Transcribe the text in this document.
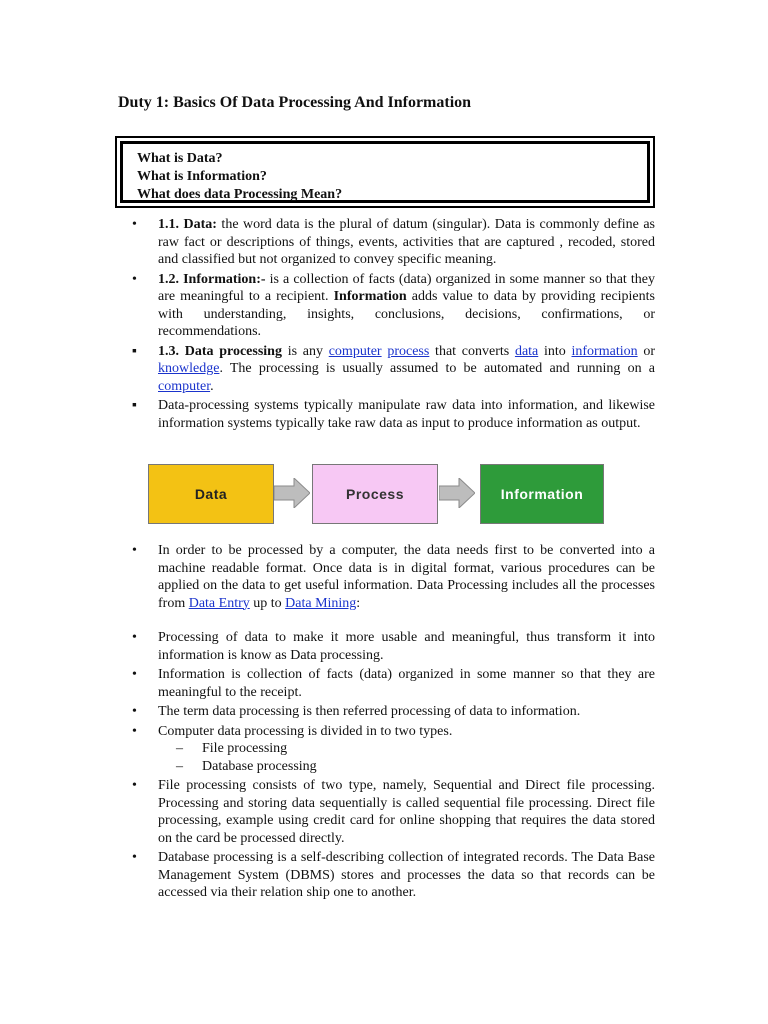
Duty 1: Basics Of Data Processing And Information
What is Data?
What is Information?
What does data Processing Mean?
•
1.1. Data: the word data is the plural of datum (singular). Data is commonly define as raw fact or descriptions of things, events, activities that are captured , recoded, stored and classified but not organized to convey specific meaning.
•
1.2. Information:- is a collection of facts (data) organized in some manner so that they are meaningful to a recipient. Information adds value to data by providing recipients with understanding, insights, conclusions, decisions, confirmations, or recommendations.
▪
1.3. Data processing is any computer process that converts data into information or knowledge. The processing is usually assumed to be automated and running on a computer.
▪
Data-processing systems typically manipulate raw data into information, and likewise information systems typically take raw data as input to produce information as output.
Data	Process	Information
•
In order to be processed by a computer, the data needs first to be converted into a machine readable format. Once data is in digital format, various procedures can be applied on the data to get useful information. Data Processing includes all the processes from Data Entry up to Data Mining:
•
Processing of data to make it more usable and meaningful, thus transform it into information is know as Data processing.
•
Information is collection of facts (data) organized in some manner so that they are meaningful to the receipt.
•
The term data processing is then referred processing of data to information.
•
Computer data processing is divided in to two types.
– File processing
– Database processing
•
File processing consists of two type, namely, Sequential and Direct file processing. Processing and storing data sequentially is called sequential file processing. Direct file processing, example using credit card for online shopping that requires the data stored on the card be processed directly.
•
Database processing is a self-describing collection of integrated records. The Data Base Management System (DBMS) stores and processes the data so that records can be accessed via their relation ship one to another.
